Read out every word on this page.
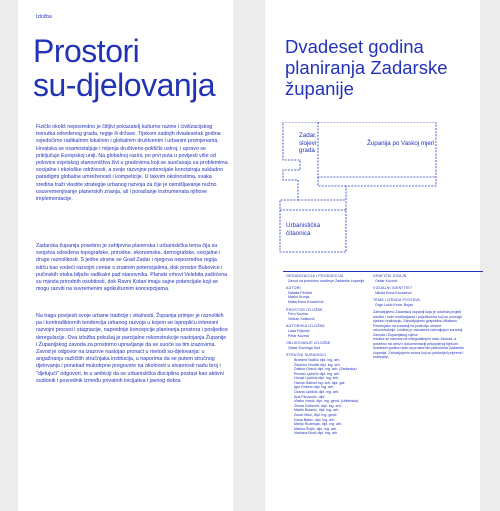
Izložba
Prostori
su-djelovanja

Fizički okoliš neposredno je čitljivi pokazatelj kulturne razine i civilizacijskog trenutka određenog grada, regije ili države. Tijekom zadnjih dvadesetak godina svjedočimo radikalnim lokalnim i globalnim društvenim i urbanim promjenama. Hrvatska se osamostaljuje i mijenja društveno-politički ustroj, i upravo se priključuje Europskoj uniji. Na globalnoj razini, po prvi puta u povijesti više od polovice svjetskog stanovništva živi u gradovima koji se suočavaju sa problemima socijalne i ekološke održivosti, a svoje razvojne potencijale koncipiraju sukladno paradigmi globalne umreženosti i kompeticije. U takvim okolnostima, svaka sredina traži vlastite strategije urbanog razvoja za čije je osmišljavanje nužno osuvremenjivanje planerskih znanja, ali i ponašanje instrumenata njihove implementacije.

Zadarska županija posebno je zahtjevna planerska i urbanistička tema čija su svojstva određena topografske, prirodne, ekonomske, demografske, socijalne i druge raznolikosti. S jedne strane se Grad Zadar i njegova neposredna regija ističu kao vodeći razvojni centar s znatnim potencijalima, dok prostor Bukovice i pučinskih otoka bilježe radikalni pad stanovnika. Planski vrhovi Velebita zaštićena su mjesta prirodnih osobitosti, dok Ravni Kotari imaju sajne potencijale koji se mogu razviti na suvremenim agrikulturnim koncepcijama.

Na tragu povijesti svoje urbane tradicije i vitalnosti, Županija primjer je raznolikih pa i kontradiktornih tendencija urbanog razvoja u kojem se isprepliću interesni razvojni procesi i stagnacije, naprednije koncepcije planiranja prostora i posljedice deregulacije. Ova izložba pokušaj je parcijalne rekonstrukcije nastojanja Županije i Županijskog zavoda za prostorno upravljanje da se suoče sa tim izazovima. Zavod je odgovor na izazove nastojao pronaći u metodi su-djelovanja: u angažiranju različitih stručnjaka institucija, u naporima da se putem stručnog djelovanja i ponekad mukotrpne pregovore na okolnosti u stvarnosti nadu broj i "djelujući" odgovori, te u ambiciji da se urbanistička disciplina postavi kao aktivni sudionik i posrednik između privatnih inicijativa i javnog dobra.

Dvadeset godina
planiranja Zadarske
županije
Zadar,
slojevi
grada
Županija po Vaskoj mjeri
Urbanistička
čitaonica
ORGANIZACIJA I PRODUKCIJA
Zavod za prostorno uređenje Zadarske županije
AUTORI
Nataša Petričić
Marko Kronja
Maša Kuna Kovačević
PROSTOR IZLOŽBE
Pero Kuzma
Vedran Suliković
AUTORSKA IZLOŽBA
Lada Filipović
Petar Kuzma
OBLIKOVANJE IZLOŽBE
Oskar Kuzmiga Sud
STRUČNI SURADNICI
Branimir Baličić dipl. ing. arh.
Zdravko Hrvatić dipl. ing. arh.
Dalibor Dracić dipl. ing. arh. (Zadarska)
Roman Ljubičić dipl. ing. arh.
Hrvoje Ljubicić dipl. ing. arh.
Hanna Rabcel ing. arh. dipl. gat.
Igor Doberc dipl. ing. arh.
Ozana Ljubičić dipl. ing. arh.
Ana Fitrovović, dipl.
Vlatko Ivanić, dipl. ing. geod. (Udbinska)
Zrinka Doberćić, dipl. ing. arh.
Martin Bulanić, dipl. ing. arh.
Zoran Mirić, dipl. ing. geod.
Ivana Babić, dipl. ing. arh.
Marijo Ruženjak, dipl. ing. arh.
Marina Šuljić, dipl. ing. arh.
Vedrana Borić dipl. ing. arh.
GRAFIČKI DIZAJN
Oskar Kuzmić
VIZUALNI IDENTITET
Nikola Kuna Kovačević
TEMA I IZRADA POSTAVA
Grgo Lukić Kona, Bojan
Zahvaljujemo Zadarskoj županiji koja je odobrila projekt izložbe i svim institucijama i pojedincima koji su pomogli njezinu realizaciju. Zahvaljujemo gospodinu Mladenu Potočnjaku na suradnji na području urbane rekonstrukcije. Izložba je ostvarena zahvaljujući suradnji Zavoda i Županijskog vijeća.
Izložba se zasniva na višegodišnjem radu Zavoda, a posebno na arhivi i dokumentaciji prikupljenoj tijekom dvadeset godina rada na prostornim planovima Zadarske županije. Zahvaljujemo svima koji su pridonijeli pripremi i realizaciji.
